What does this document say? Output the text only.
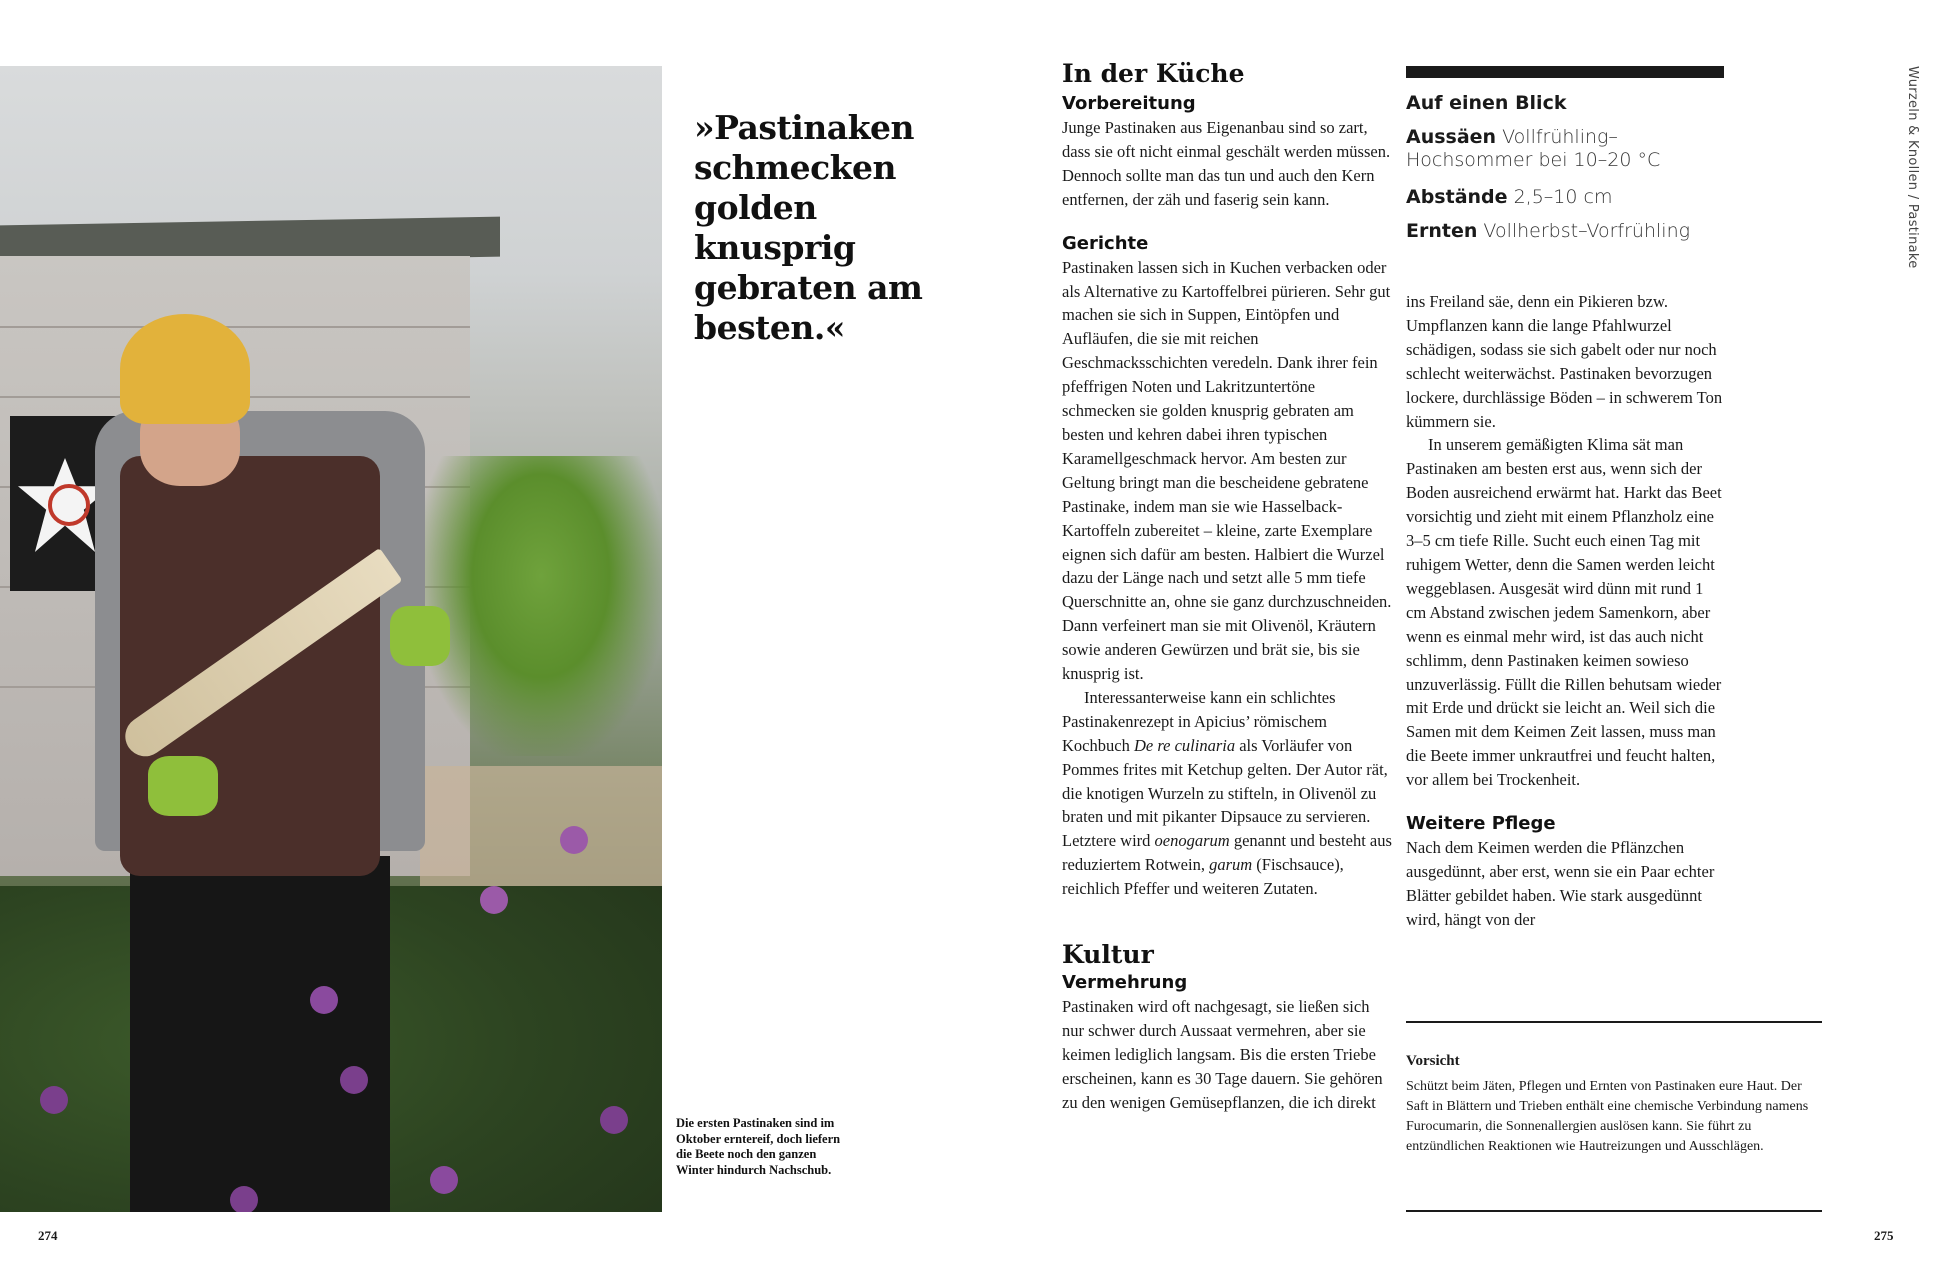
Die ersten Pastinaken sind im Oktober erntereif, doch liefern die Beete noch den ganzen Winter hindurch Nachschub.
»Pastinaken schmecken golden knusprig gebraten am besten.«
274
In der Küche
Vorbereitung

Junge Pastinaken aus Eigenanbau sind so zart, dass sie oft nicht einmal geschält werden müssen. Dennoch sollte man das tun und auch den Kern entfernen, der zäh und faserig sein kann.

Gerichte

Pastinaken lassen sich in Kuchen verbacken oder als Alternative zu Kartoffelbrei pürieren. Sehr gut machen sie sich in Suppen, Eintöpfen und Aufläufen, die sie mit reichen Geschmacksschichten veredeln. Dank ihrer fein pfeffrigen Noten und Lakritzuntertöne schmecken sie golden knusprig gebraten am besten und kehren dabei ihren typischen Karamellgeschmack hervor. Am besten zur Geltung bringt man die bescheidene gebratene Pastinake, indem man sie wie Hasselback-Kartoffeln zubereitet – kleine, zarte Exemplare eignen sich dafür am besten. Halbiert die Wurzel dazu der Länge nach und setzt alle 5 mm tiefe Querschnitte an, ohne sie ganz durchzuschneiden. Dann verfeinert man sie mit Olivenöl, Kräutern sowie anderen Gewürzen und brät sie, bis sie knusprig ist.

Interessanterweise kann ein schlichtes Pastinakenrezept in Apicius’ römischem Kochbuch De re culinaria als Vorläufer von Pommes frites mit Ketchup gelten. Der Autor rät, die knotigen Wurzeln zu stifteln, in Olivenöl zu braten und mit pikanter Dipsauce zu servieren. Letztere wird oenogarum genannt und besteht aus reduziertem Rotwein, garum (Fischsauce), reichlich Pfeffer und weiteren Zutaten.

Kultur
Vermehrung

Pastinaken wird oft nachgesagt, sie ließen sich nur schwer durch Aussaat vermehren, aber sie keimen lediglich langsam. Bis die ersten Triebe erscheinen, kann es 30 Tage dauern. Sie gehören zu den wenigen Gemüsepflanzen, die ich direkt

Auf einen Blick
Aussäen Vollfrühling–Hochsommer bei 10–20 °C
Abstände 2,5–10 cm
Ernten Vollherbst–Vorfrühling

ins Freiland säe, denn ein Pikieren bzw. Umpflanzen kann die lange Pfahlwurzel schädigen, sodass sie sich gabelt oder nur noch schlecht weiterwächst. Pastinaken bevorzugen lockere, durchlässige Böden – in schwerem Ton kümmern sie.

In unserem gemäßigten Klima sät man Pastinaken am besten erst aus, wenn sich der Boden ausreichend erwärmt hat. Harkt das Beet vorsichtig und zieht mit einem Pflanzholz eine 3–5 cm tiefe Rille. Sucht euch einen Tag mit ruhigem Wetter, denn die Samen werden leicht weggeblasen. Ausgesät wird dünn mit rund 1 cm Abstand zwischen jedem Samenkorn, aber wenn es einmal mehr wird, ist das auch nicht schlimm, denn Pastinaken keimen sowieso unzuverlässig. Füllt die Rillen behutsam wieder mit Erde und drückt sie leicht an. Weil sich die Samen mit dem Keimen Zeit lassen, muss man die Beete immer unkrautfrei und feucht halten, vor allem bei Trockenheit.

Weitere Pflege

Nach dem Keimen werden die Pflänzchen ausgedünnt, aber erst, wenn sie ein Paar echter Blätter gebildet haben. Wie stark ausgedünnt wird, hängt von der

Vorsicht
Schützt beim Jäten, Pflegen und Ernten von Pastinaken eure Haut. Der Saft in Blättern und Trieben enthält eine chemische Verbindung namens Furocumarin, die Sonnenallergien auslösen kann. Sie führt zu entzündlichen Reaktionen wie Hautreizungen und Ausschlägen.
Wurzeln & Knollen / Pastinake
275
